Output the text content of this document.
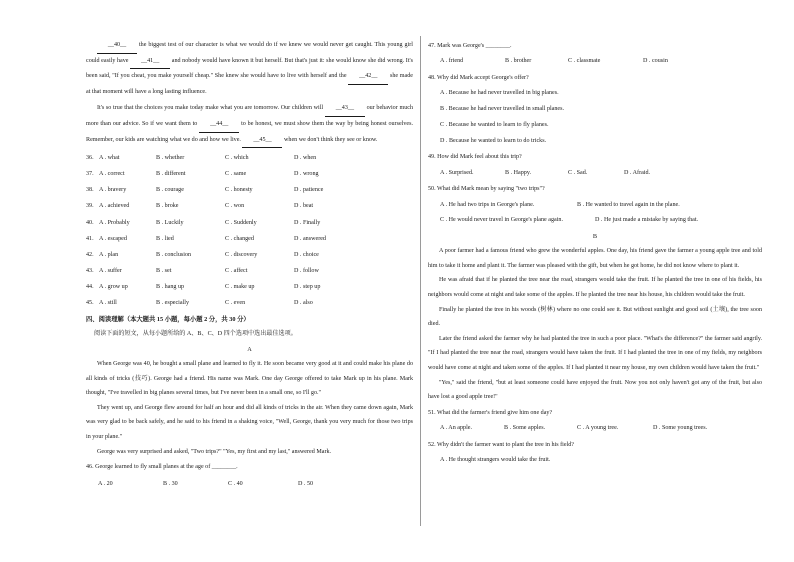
__40__ the biggest test of our character is what we would do if we knew we would never get caught. This young girl could easily have __41__ and nobody would have known it but herself. But that's just it: she would know she did wrong. It's been said, "If you cheat, you make yourself cheap." She knew she would have to live with herself and the __42__ she made at that moment will have a long lasting influence.

It's so true that the choices you make today make what you are tomorrow. Our children will __43__ our behavior much more than our advice. So if we want them to __44__ to be honest, we must show them the way by being honest ourselves. Remember, our kids are watching what we do and how we live. __45__ when we don't think they see or know.

36. A . what	B . whether	C . which	D . when
37. A . correct	B . different	C . same	D . wrong
38. A . bravery	B . courage	C . honesty	D . patience
39. A . achieved	B . broke	C . won	D . beat
40. A . Probably	B . Luckily	C . Suddenly	D . Finally
41. A . escaped	B . lied	C . changed	D . answered
42. A . plan	B . conclusion	C . discovery	D . choice
43. A . suffer	B . set	C . affect	D . follow
44. A . grow up	B . hang up	C . make up	D . step up
45. A . still	B . especially	C . even	D . also

四、阅读理解（本大题共 15 小题，每小题 2 分，共 30 分）

阅读下面的短文，从每小题所给的 A、B、C、D 四个选项中选出最佳选项。

A

When George was 40, he bought a small plane and learned to fly it. He soon became very good at it and could make his plane do all kinds of tricks (技巧). George had a friend. His name was Mark. One day George offered to take Mark up in his plane. Mark thought, "I've travelled in big planes several times, but I've never been in a small one, so I'll go."

They went up, and George flew around for half an hour and did all kinds of tricks in the air. When they came down again, Mark was very glad to be back safely, and he said to his friend in a shaking voice, "Well, George, thank you very much for those two trips in your plane."

George was very surprised and asked, "Two trips?" "Yes, my first and my last," answered Mark.

46. George learned to fly small planes at the age of ________.

A . 20	B . 30	C . 40	D . 50

47. Mark was George's ________.

A . friend	B . brother	C . classmate	D . cousin

48. Why did Mark accept George's offer?

A . Because he had never travelled in big planes.

B . Because he had never travelled in small planes.

C . Because he wanted to learn to fly planes.

D . Because he wanted to learn to do tricks.

49. How did Mark feel about this trip?

A . Surprised.	B . Happy.	C . Sad.	D . Afraid.

50. What did Mark mean by saying "two trips"?

A . He had two trips in George's plane.	B . He wanted to travel again in the plane.
C . He would never travel in George's plane again.	D . He just made a mistake by saying that.

B

A poor farmer had a famous friend who grew the wonderful apples. One day, his friend gave the farmer a young apple tree and told him to take it home and plant it. The farmer was pleased with the gift, but when he got home, he did not know where to plant it.

He was afraid that if he planted the tree near the road, strangers would take the fruit. If he planted the tree in one of his fields, his neighbors would come at night and take some of the apples. If he planted the tree near his house, his children would take the fruit.

Finally he planted the tree in his woods (树林) where no one could see it. But without sunlight and good soil (土壤), the tree soon died.

Later the friend asked the farmer why he had planted the tree in such a poor place. "What's the difference?" the farmer said angrily. "If I had planted the tree near the road, strangers would have taken the fruit. If I had planted the tree in one of my fields, my neighbors would have come at night and taken some of the apples. If I had planted it near my house, my own children would have taken the fruit."

"Yes," said the friend, "but at least someone could have enjoyed the fruit. Now you not only haven't got any of the fruit, but also have lost a good apple tree!"

51. What did the farmer's friend give him one day?

A . An apple.	B . Some apples.	C . A young tree.	D . Some young trees.

52. Why didn't the farmer want to plant the tree in his field?

A . He thought strangers would take the fruit.
